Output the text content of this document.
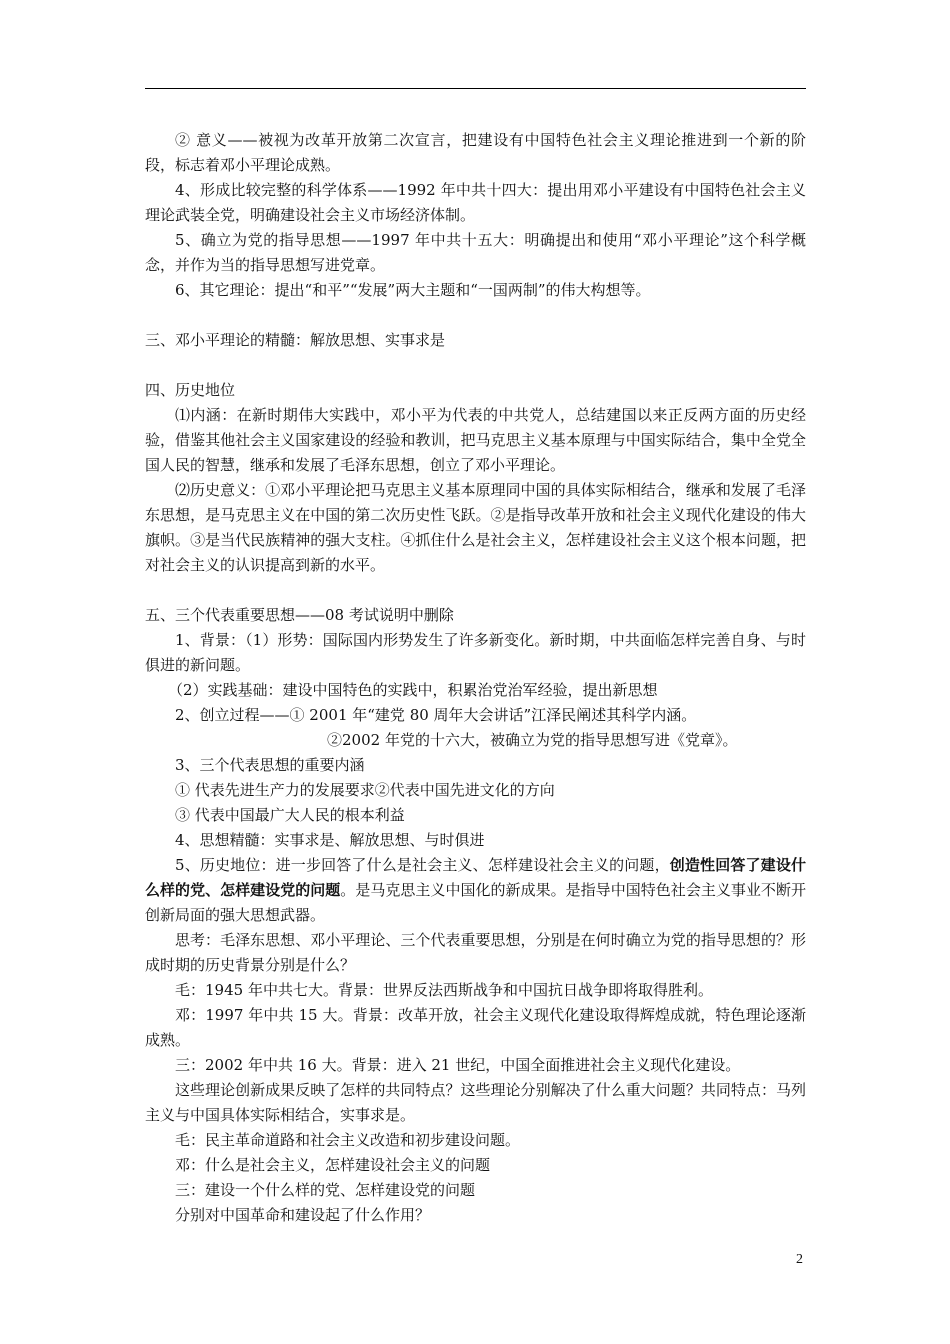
② 意义——被视为改革开放第二次宣言，把建设有中国特色社会主义理论推进到一个新的阶段，标志着邓小平理论成熟。

4、形成比较完整的科学体系——1992 年中共十四大：提出用邓小平建设有中国特色社会主义理论武装全党，明确建设社会主义市场经济体制。

5、确立为党的指导思想——1997 年中共十五大：明确提出和使用“邓小平理论”这个科学概念，并作为当的指导思想写进党章。

6、其它理论：提出“和平”“发展”两大主题和“一国两制”的伟大构想等。

三、邓小平理论的精髓：解放思想、实事求是

四、历史地位

⑴内涵：在新时期伟大实践中，邓小平为代表的中共党人，总结建国以来正反两方面的历史经验，借鉴其他社会主义国家建设的经验和教训，把马克思主义基本原理与中国实际结合，集中全党全国人民的智慧，继承和发展了毛泽东思想，创立了邓小平理论。

⑵历史意义：①邓小平理论把马克思主义基本原理同中国的具体实际相结合，继承和发展了毛泽东思想，是马克思主义在中国的第二次历史性飞跃。②是指导改革开放和社会主义现代化建设的伟大旗帜。③是当代民族精神的强大支柱。④抓住什么是社会主义，怎样建设社会主义这个根本问题，把对社会主义的认识提高到新的水平。

五、三个代表重要思想——08 考试说明中删除

1、背景：（1）形势：国际国内形势发生了许多新变化。新时期，中共面临怎样完善自身、与时俱进的新问题。

（2）实践基础：建设中国特色的实践中，积累治党治军经验，提出新思想

2、创立过程——① 2001 年“建党 80 周年大会讲话”江泽民阐述其科学内涵。

②2002 年党的十六大，被确立为党的指导思想写进《党章》。

3、三个代表思想的重要内涵

① 代表先进生产力的发展要求②代表中国先进文化的方向

③ 代表中国最广大人民的根本利益

4、思想精髓：实事求是、解放思想、与时俱进

5、历史地位：进一步回答了什么是社会主义、怎样建设社会主义的问题，创造性回答了建设什么样的党、怎样建设党的问题。是马克思主义中国化的新成果。是指导中国特色社会主义事业不断开创新局面的强大思想武器。

思考：毛泽东思想、邓小平理论、三个代表重要思想，分别是在何时确立为党的指导思想的？形成时期的历史背景分别是什么？

毛：1945 年中共七大。背景：世界反法西斯战争和中国抗日战争即将取得胜利。

邓：1997 年中共 15 大。背景：改革开放，社会主义现代化建设取得辉煌成就，特色理论逐渐成熟。

三：2002 年中共 16 大。背景：进入 21 世纪，中国全面推进社会主义现代化建设。

这些理论创新成果反映了怎样的共同特点？这些理论分别解决了什么重大问题？共同特点：马列主义与中国具体实际相结合，实事求是。

毛：民主革命道路和社会主义改造和初步建设问题。

邓：什么是社会主义，怎样建设社会主义的问题

三：建设一个什么样的党、怎样建设党的问题

分别对中国革命和建设起了什么作用？

2
